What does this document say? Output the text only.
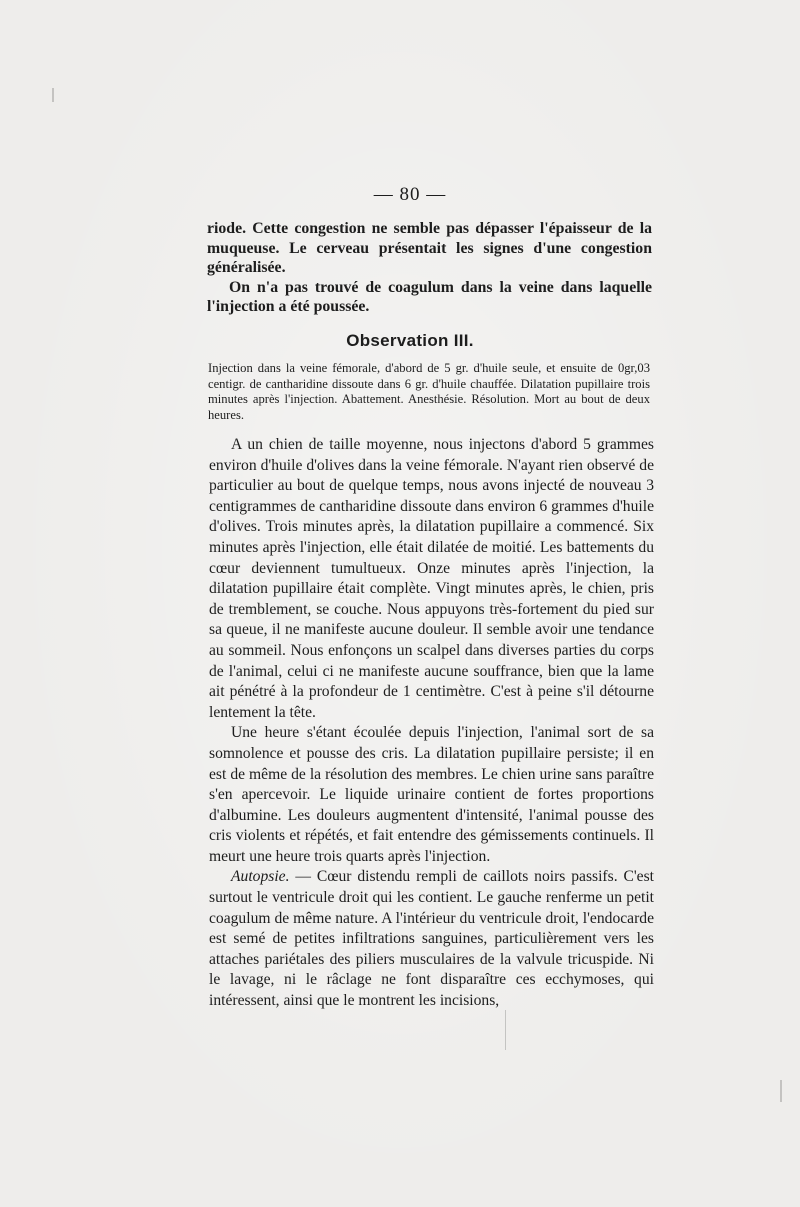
— 80 —

riode. Cette congestion ne semble pas dépasser l'épaisseur de la muqueuse. Le cerveau présentait les signes d'une congestion généralisée.

On n'a pas trouvé de coagulum dans la veine dans laquelle l'injection a été poussée.

Observation III.

Injection dans la veine fémorale, d'abord de 5 gr. d'huile seule, et ensuite de 0gr,03 centigr. de cantharidine dissoute dans 6 gr. d'huile chauffée. Dilatation pupillaire trois minutes après l'injection. Abattement. Anesthésie. Résolution. Mort au bout de deux heures.

A un chien de taille moyenne, nous injectons d'abord 5 grammes environ d'huile d'olives dans la veine fémorale. N'ayant rien observé de particulier au bout de quelque temps, nous avons injecté de nouveau 3 centigrammes de cantharidine dissoute dans environ 6 grammes d'huile d'olives. Trois minutes après, la dilatation pupillaire a commencé. Six minutes après l'injection, elle était dilatée de moitié. Les battements du cœur deviennent tumultueux. Onze minutes après l'injection, la dilatation pupillaire était complète. Vingt minutes après, le chien, pris de tremblement, se couche. Nous appuyons très-fortement du pied sur sa queue, il ne manifeste aucune douleur. Il semble avoir une tendance au sommeil. Nous enfonçons un scalpel dans diverses parties du corps de l'animal, celui ci ne manifeste aucune souffrance, bien que la lame ait pénétré à la profondeur de 1 centimètre. C'est à peine s'il détourne lentement la tête.

Une heure s'étant écoulée depuis l'injection, l'animal sort de sa somnolence et pousse des cris. La dilatation pupillaire persiste; il en est de même de la résolution des membres. Le chien urine sans paraître s'en apercevoir. Le liquide urinaire contient de fortes proportions d'albumine. Les douleurs augmentent d'intensité, l'animal pousse des cris violents et répétés, et fait entendre des gémissements continuels. Il meurt une heure trois quarts après l'injection.

Autopsie. — Cœur distendu rempli de caillots noirs passifs. C'est surtout le ventricule droit qui les contient. Le gauche renferme un petit coagulum de même nature. A l'intérieur du ventricule droit, l'endocarde est semé de petites infiltrations sanguines, particulièrement vers les attaches pariétales des piliers musculaires de la valvule tricuspide. Ni le lavage, ni le râclage ne font disparaître ces ecchymoses, qui intéressent, ainsi que le montrent les incisions,
